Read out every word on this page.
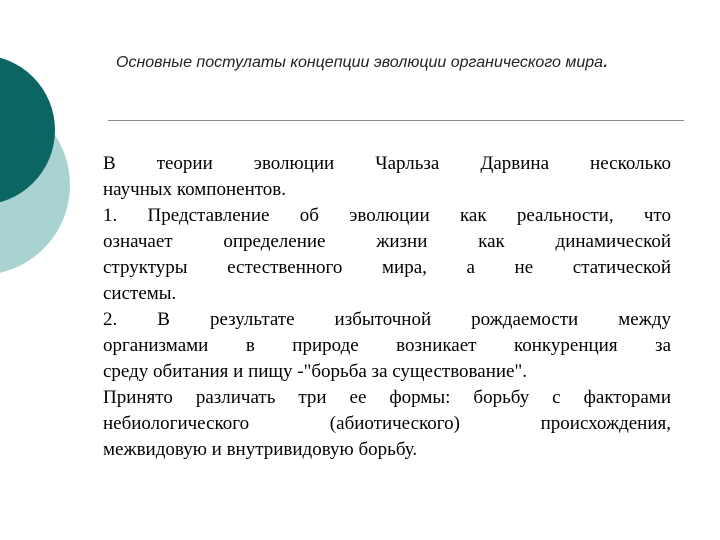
Основные постулаты концепции эволюции органического мира.

В теории эволюции Чарльза Дарвина несколько
научных компонентов.

1. Представление об эволюции как реальности, что
означает определение жизни как динамической
структуры естественного мира, а не статической
системы.

2. В результате избыточной рождаемости между
организмами в природе возникает конкуренция за
среду обитания и пищу -"борьба за существование".

Принято различать три ее формы: борьбу с факторами
небиологического (абиотического) происхождения,
межвидовую и внутривидовую борьбу.
